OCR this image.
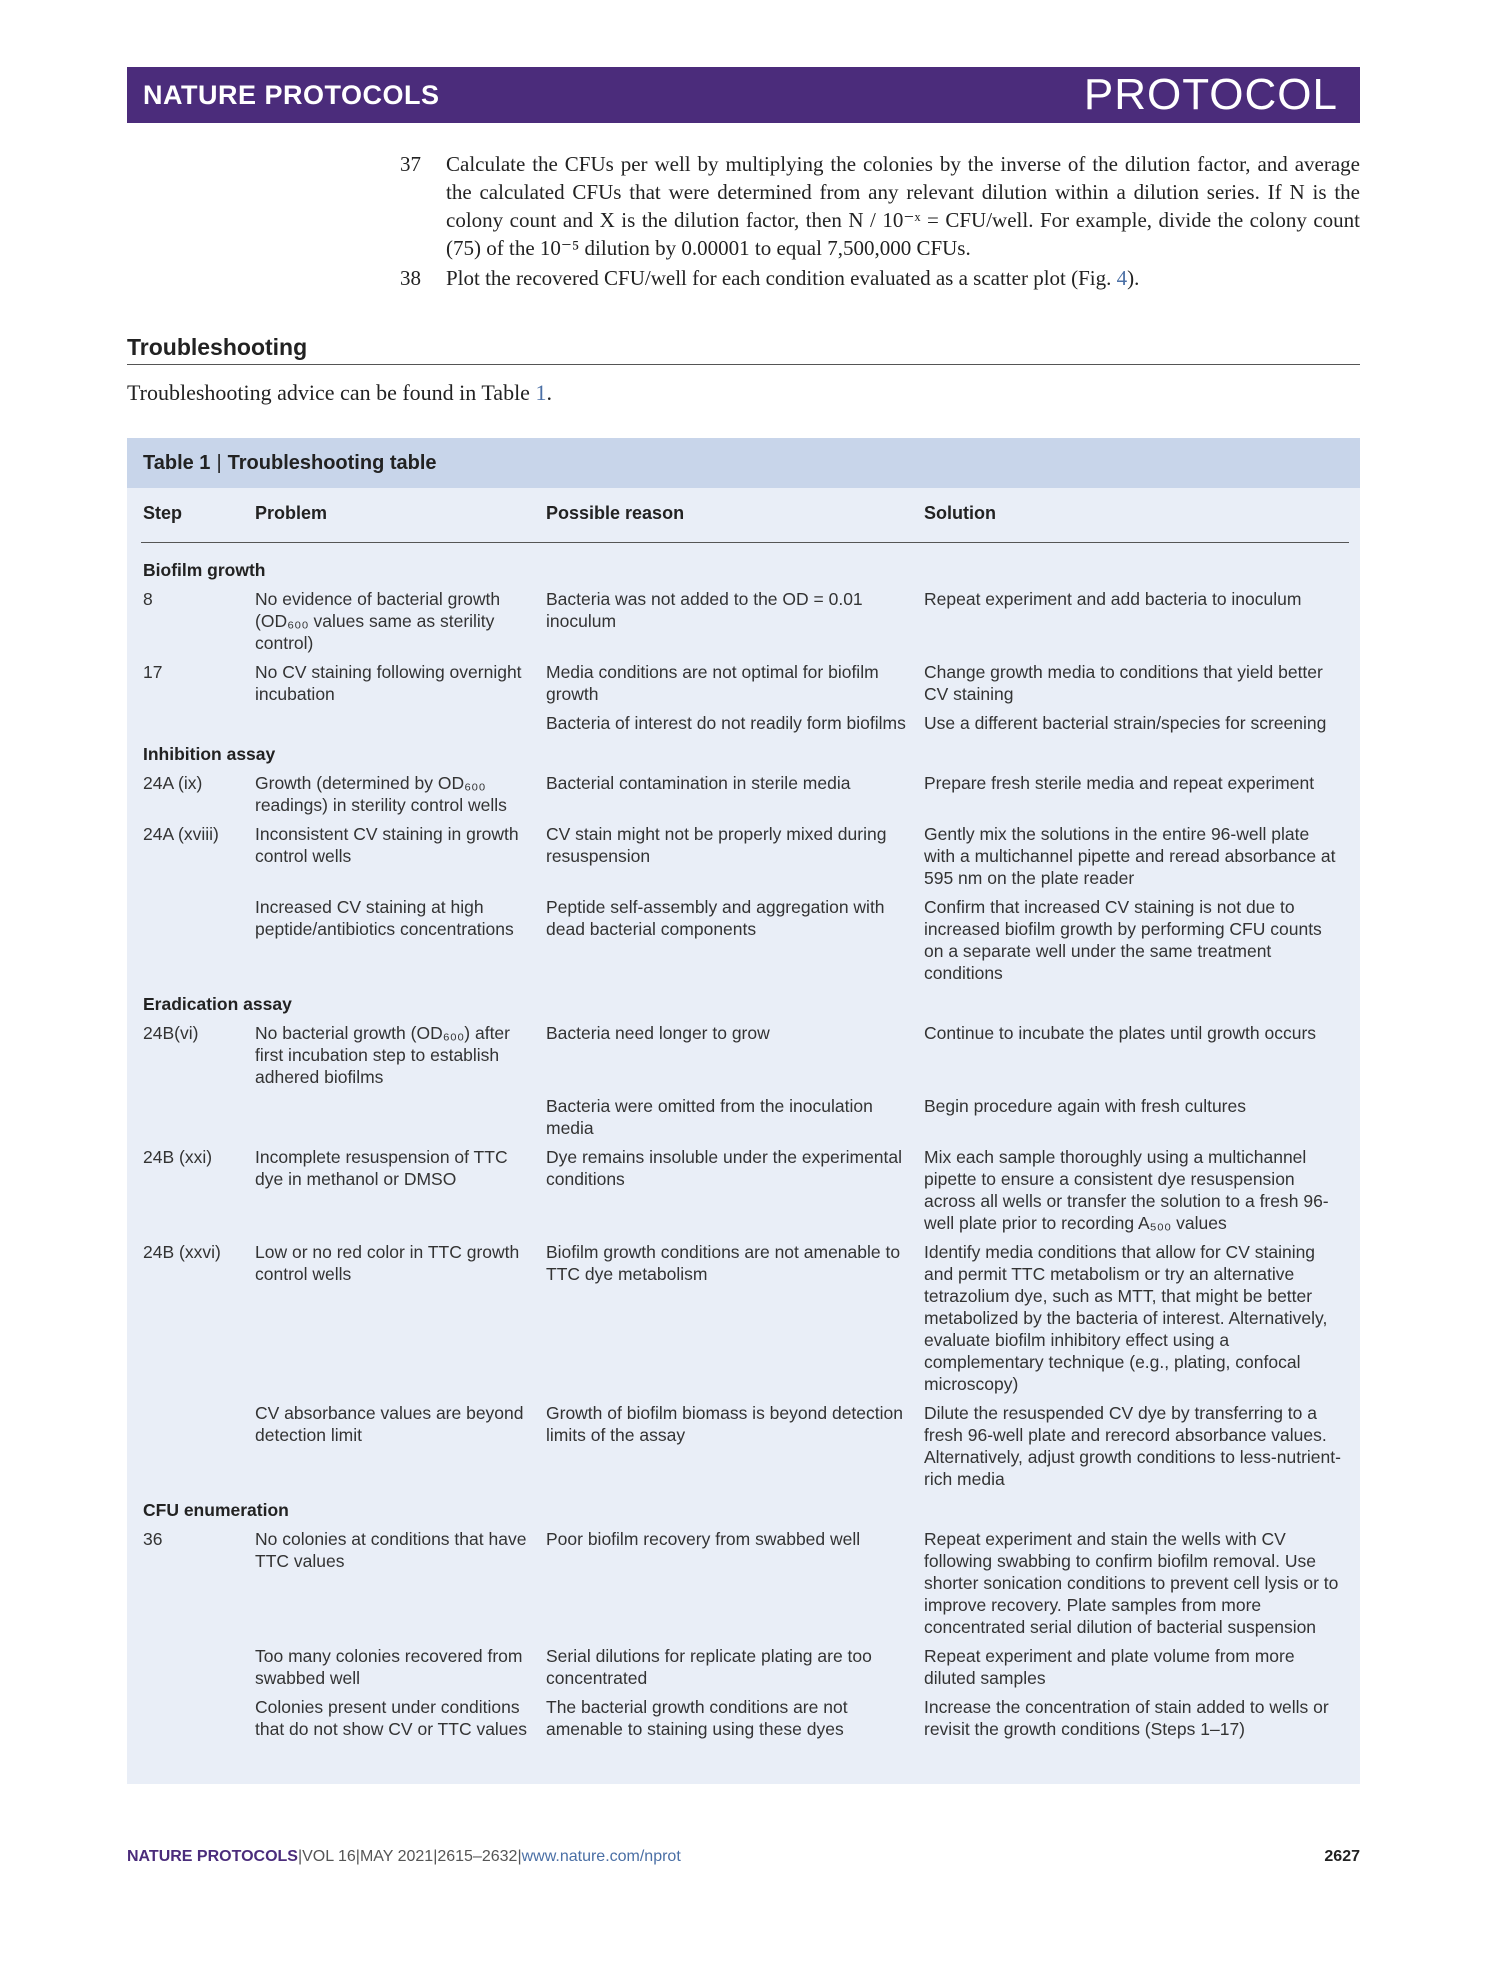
NATURE PROTOCOLS	PROTOCOL
37	Calculate the CFUs per well by multiplying the colonies by the inverse of the dilution factor, and average the calculated CFUs that were determined from any relevant dilution within a dilution series. If N is the colony count and X is the dilution factor, then N / 10⁻ˣ = CFU/well. For example, divide the colony count (75) of the 10⁻⁵ dilution by 0.00001 to equal 7,500,000 CFUs.
38	Plot the recovered CFU/well for each condition evaluated as a scatter plot (Fig. 4).
Troubleshooting
Troubleshooting advice can be found in Table 1.
Table 1 | Troubleshooting table
Step	Problem	Possible reason	Solution
Biofilm growth			
8	No evidence of bacterial growth (OD₆₀₀ values same as sterility control)	Bacteria was not added to the OD = 0.01 inoculum	Repeat experiment and add bacteria to inoculum
17	No CV staining following overnight incubation	Media conditions are not optimal for biofilm growth	Change growth media to conditions that yield better CV staining
		Bacteria of interest do not readily form biofilms	Use a different bacterial strain/species for screening
Inhibition assay			
24A (ix)	Growth (determined by OD₆₀₀ readings) in sterility control wells	Bacterial contamination in sterile media	Prepare fresh sterile media and repeat experiment
24A (xviii)	Inconsistent CV staining in growth control wells	CV stain might not be properly mixed during resuspension	Gently mix the solutions in the entire 96-well plate with a multichannel pipette and reread absorbance at 595 nm on the plate reader
	Increased CV staining at high peptide/antibiotics concentrations	Peptide self-assembly and aggregation with dead bacterial components	Confirm that increased CV staining is not due to increased biofilm growth by performing CFU counts on a separate well under the same treatment conditions
Eradication assay			
24B(vi)	No bacterial growth (OD₆₀₀) after first incubation step to establish adhered biofilms	Bacteria need longer to grow	Continue to incubate the plates until growth occurs
		Bacteria were omitted from the inoculation media	Begin procedure again with fresh cultures
24B (xxi)	Incomplete resuspension of TTC dye in methanol or DMSO	Dye remains insoluble under the experimental conditions	Mix each sample thoroughly using a multichannel pipette to ensure a consistent dye resuspension across all wells or transfer the solution to a fresh 96-well plate prior to recording A₅₀₀ values
24B (xxvi)	Low or no red color in TTC growth control wells	Biofilm growth conditions are not amenable to TTC dye metabolism	Identify media conditions that allow for CV staining and permit TTC metabolism or try an alternative tetrazolium dye, such as MTT, that might be better metabolized by the bacteria of interest. Alternatively, evaluate biofilm inhibitory effect using a complementary technique (e.g., plating, confocal microscopy)
	CV absorbance values are beyond detection limit	Growth of biofilm biomass is beyond detection limits of the assay	Dilute the resuspended CV dye by transferring to a fresh 96-well plate and rerecord absorbance values. Alternatively, adjust growth conditions to less-nutrient-rich media
CFU enumeration			
36	No colonies at conditions that have TTC values	Poor biofilm recovery from swabbed well	Repeat experiment and stain the wells with CV following swabbing to confirm biofilm removal. Use shorter sonication conditions to prevent cell lysis or to improve recovery. Plate samples from more concentrated serial dilution of bacterial suspension
	Too many colonies recovered from swabbed well	Serial dilutions for replicate plating are too concentrated	Repeat experiment and plate volume from more diluted samples
	Colonies present under conditions that do not show CV or TTC values	The bacterial growth conditions are not amenable to staining using these dyes	Increase the concentration of stain added to wells or revisit the growth conditions (Steps 1–17)
NATURE PROTOCOLS|VOL 16|MAY 2021|2615–2632|www.nature.com/nprot	2627
